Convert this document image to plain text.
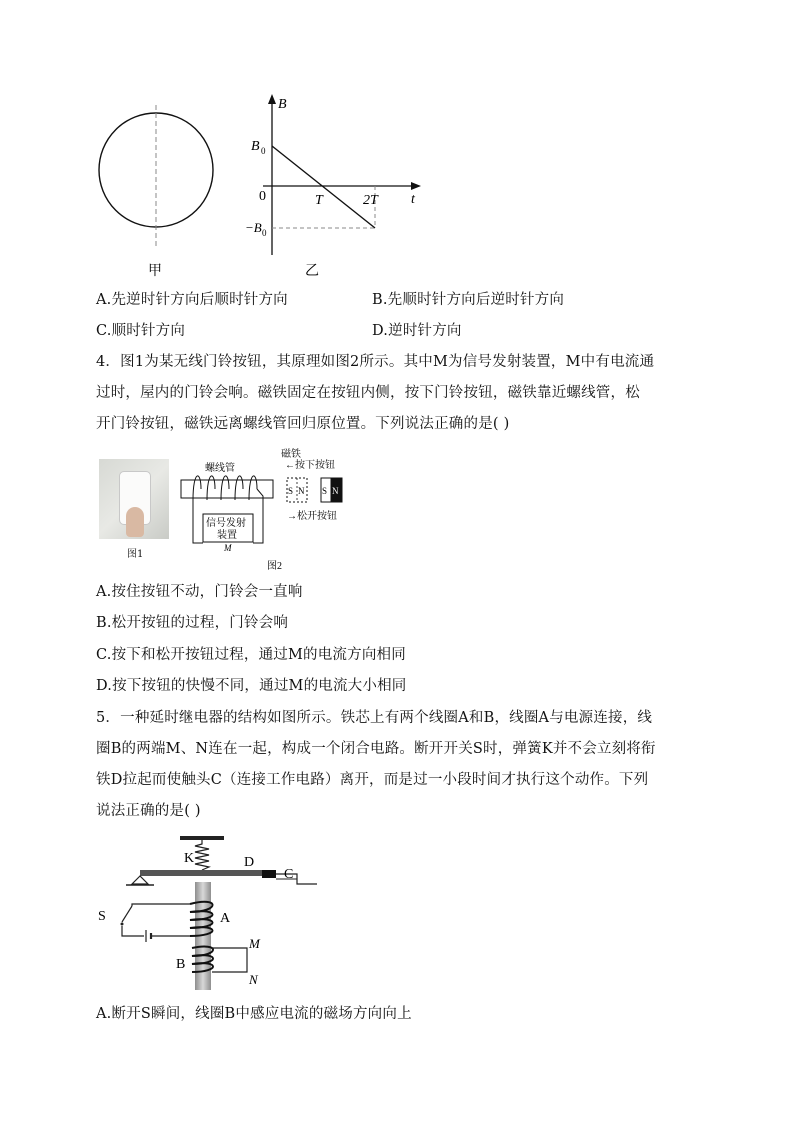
B
t
B 0
0	T	2T
−B 0
甲	乙
A.先逆时针方向后顺时针方向	B.先顺时针方向后逆时针方向
C.顺时针方向	D.逆时针方向
4．图1为某无线门铃按钮，其原理如图2所示。其中M为信号发射装置，M中有电流通
过时，屋内的门铃会响。磁铁固定在按钮内侧，按下门铃按钮，磁铁靠近螺线管，松
开门铃按钮，磁铁远离螺线管回归原位置。下列说法正确的是( )
图1
螺线管
信号发射
装置
M
图2
磁铁
←按下按钮
S N S N
→松开按钮
A.按住按钮不动，门铃会一直响
B.松开按钮的过程，门铃会响
C.按下和松开按钮过程，通过M的电流方向相同
D.按下按钮的快慢不同，通过M的电流大小相同
5．一种延时继电器的结构如图所示。铁芯上有两个线圈A和B，线圈A与电源连接，线
圈B的两端M、N连在一起，构成一个闭合电路。断开开关S时，弹簧K并不会立刻将衔
铁D拉起而使触头C（连接工作电路）离开，而是过一小段时间才执行这个动作。下列
说法正确的是( )
K	D
C
A
S
B
M
N
A.断开S瞬间，线圈B中感应电流的磁场方向向上
